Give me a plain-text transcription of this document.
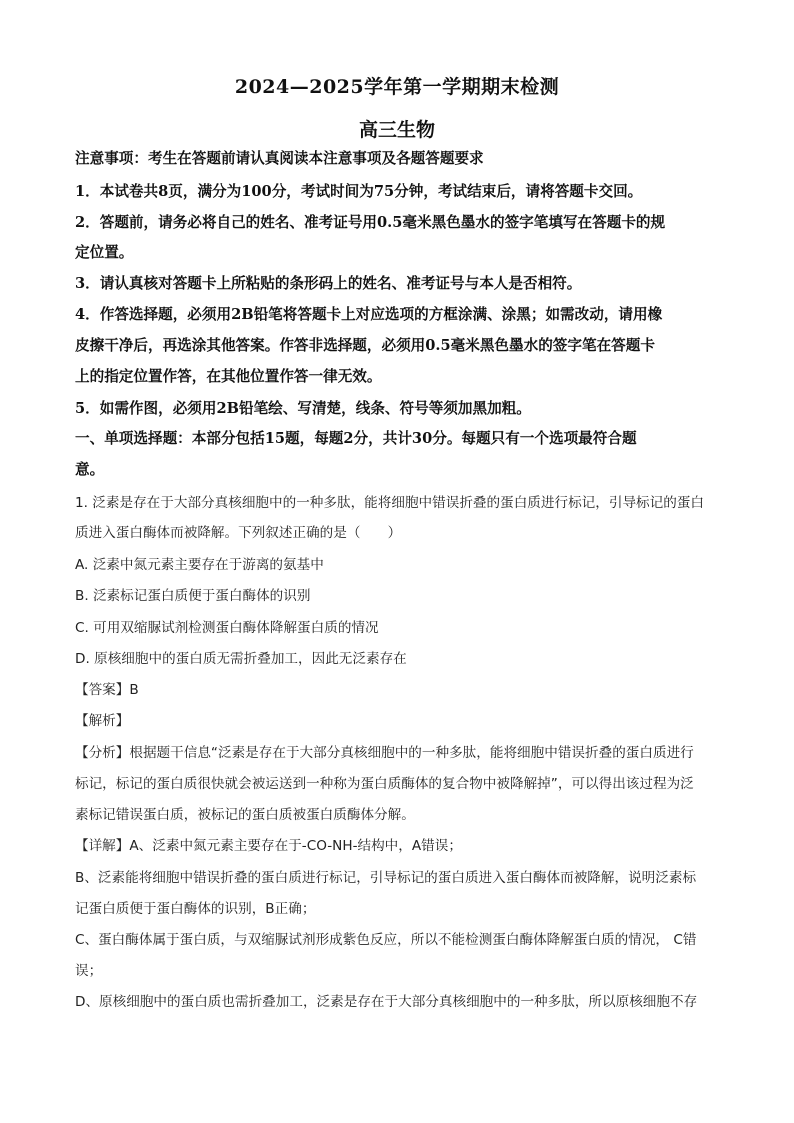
2024—2025学年第一学期期末检测
高三生物
注意事项：考生在答题前请认真阅读本注意事项及各题答题要求
1．本试卷共8页，满分为100分，考试时间为75分钟，考试结束后，请将答题卡交回。
2．答题前，请务必将自己的姓名、准考证号用0.5毫米黑色墨水的签字笔填写在答题卡的规
定位置。
3．请认真核对答题卡上所粘贴的条形码上的姓名、准考证号与本人是否相符。
4．作答选择题，必须用2B铅笔将答题卡上对应选项的方框涂满、涂黑；如需改动，请用橡
皮擦干净后，再选涂其他答案。作答非选择题，必须用0.5毫米黑色墨水的签字笔在答题卡
上的指定位置作答，在其他位置作答一律无效。
5．如需作图，必须用2B铅笔绘、写清楚，线条、符号等须加黑加粗。
一、单项选择题：本部分包括15题，每题2分，共计30分。每题只有一个选项最符合题
意。
1. 泛素是存在于大部分真核细胞中的一种多肽，能将细胞中错误折叠的蛋白质进行标记，引导标记的蛋白
质进入蛋白酶体而被降解。下列叙述正确的是（　　）
A. 泛素中氮元素主要存在于游离的氨基中
B. 泛素标记蛋白质便于蛋白酶体的识别
C. 可用双缩脲试剂检测蛋白酶体降解蛋白质的情况
D. 原核细胞中的蛋白质无需折叠加工，因此无泛素存在
【答案】B
【解析】
【分析】根据题干信息“泛素是存在于大部分真核细胞中的一种多肽，能将细胞中错误折叠的蛋白质进行
标记，标记的蛋白质很快就会被运送到一种称为蛋白质酶体的复合物中被降解掉”，可以得出该过程为泛
素标记错误蛋白质，被标记的蛋白质被蛋白质酶体分解。
【详解】A、泛素中氮元素主要存在于-CO-NH-结构中，A错误；
B、泛素能将细胞中错误折叠的蛋白质进行标记，引导标记的蛋白质进入蛋白酶体而被降解，说明泛素标
记蛋白质便于蛋白酶体的识别，B正确；
C、蛋白酶体属于蛋白质，与双缩脲试剂形成紫色反应，所以不能检测蛋白酶体降解蛋白质的情况， C错
误；
D、原核细胞中的蛋白质也需折叠加工，泛素是存在于大部分真核细胞中的一种多肽，所以原核细胞不存
